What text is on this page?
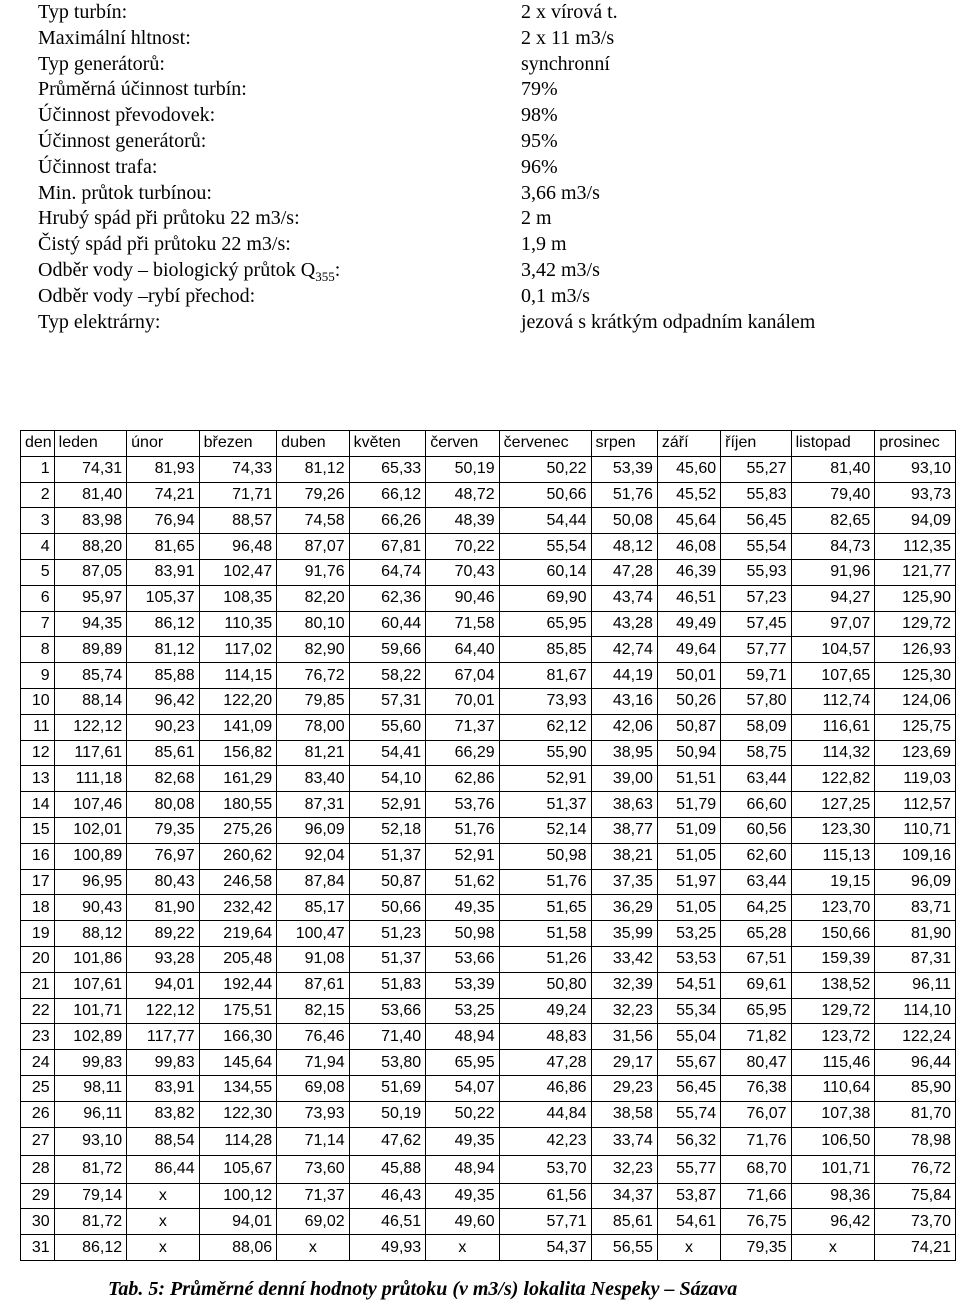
Typ turbín:	2 x vírová t.
Maximální hltnost:	2 x 11 m3/s
Typ generátorů:	synchronní
Průměrná účinnost turbín:	79%
Účinnost převodovek:	98%
Účinnost generátorů:	95%
Účinnost trafa:	96%
Min. průtok turbínou:	3,66 m3/s
Hrubý spád při průtoku 22 m3/s:	2 m
Čistý spád při průtoku 22 m3/s:	1,9 m
Odběr vody – biologický průtok $Q_{355}$:	3,42 m3/s
Odběr vody –rybí přechod:	0,1 m3/s
Typ elektrárny:	jezová s krátkým odpadním kanálem
den	leden	únor	březen	duben	květen	červen	červenec	srpen	září	říjen	listopad	prosinec
1	74,31	81,93	74,33	81,12	65,33	50,19	50,22	53,39	45,60	55,27	81,40	93,10
2	81,40	74,21	71,71	79,26	66,12	48,72	50,66	51,76	45,52	55,83	79,40	93,73
3	83,98	76,94	88,57	74,58	66,26	48,39	54,44	50,08	45,64	56,45	82,65	94,09
4	88,20	81,65	96,48	87,07	67,81	70,22	55,54	48,12	46,08	55,54	84,73	112,35
5	87,05	83,91	102,47	91,76	64,74	70,43	60,14	47,28	46,39	55,93	91,96	121,77
6	95,97	105,37	108,35	82,20	62,36	90,46	69,90	43,74	46,51	57,23	94,27	125,90
7	94,35	86,12	110,35	80,10	60,44	71,58	65,95	43,28	49,49	57,45	97,07	129,72
8	89,89	81,12	117,02	82,90	59,66	64,40	85,85	42,74	49,64	57,77	104,57	126,93
9	85,74	85,88	114,15	76,72	58,22	67,04	81,67	44,19	50,01	59,71	107,65	125,30
10	88,14	96,42	122,20	79,85	57,31	70,01	73,93	43,16	50,26	57,80	112,74	124,06
11	122,12	90,23	141,09	78,00	55,60	71,37	62,12	42,06	50,87	58,09	116,61	125,75
12	117,61	85,61	156,82	81,21	54,41	66,29	55,90	38,95	50,94	58,75	114,32	123,69
13	111,18	82,68	161,29	83,40	54,10	62,86	52,91	39,00	51,51	63,44	122,82	119,03
14	107,46	80,08	180,55	87,31	52,91	53,76	51,37	38,63	51,79	66,60	127,25	112,57
15	102,01	79,35	275,26	96,09	52,18	51,76	52,14	38,77	51,09	60,56	123,30	110,71
16	100,89	76,97	260,62	92,04	51,37	52,91	50,98	38,21	51,05	62,60	115,13	109,16
17	96,95	80,43	246,58	87,84	50,87	51,62	51,76	37,35	51,97	63,44	19,15	96,09
18	90,43	81,90	232,42	85,17	50,66	49,35	51,65	36,29	51,05	64,25	123,70	83,71
19	88,12	89,22	219,64	100,47	51,23	50,98	51,58	35,99	53,25	65,28	150,66	81,90
20	101,86	93,28	205,48	91,08	51,37	53,66	51,26	33,42	53,53	67,51	159,39	87,31
21	107,61	94,01	192,44	87,61	51,83	53,39	50,80	32,39	54,51	69,61	138,52	96,11
22	101,71	122,12	175,51	82,15	53,66	53,25	49,24	32,23	55,34	65,95	129,72	114,10
23	102,89	117,77	166,30	76,46	71,40	48,94	48,83	31,56	55,04	71,82	123,72	122,24
24	99,83	99,83	145,64	71,94	53,80	65,95	47,28	29,17	55,67	80,47	115,46	96,44
25	98,11	83,91	134,55	69,08	51,69	54,07	46,86	29,23	56,45	76,38	110,64	85,90
26	96,11	83,82	122,30	73,93	50,19	50,22	44,84	38,58	55,74	76,07	107,38	81,70
27	93,10	88,54	114,28	71,14	47,62	49,35	42,23	33,74	56,32	71,76	106,50	78,98
28	81,72	86,44	105,67	73,60	45,88	48,94	53,70	32,23	55,77	68,70	101,71	76,72
29	79,14	x	100,12	71,37	46,43	49,35	61,56	34,37	53,87	71,66	98,36	75,84
30	81,72	x	94,01	69,02	46,51	49,60	57,71	85,61	54,61	76,75	96,42	73,70
31	86,12	x	88,06	x	49,93	x	54,37	56,55	x	79,35	x	74,21
Tab. 5: Průměrné denní hodnoty průtoku (v m3/s) lokalita Nespeky – Sázava
